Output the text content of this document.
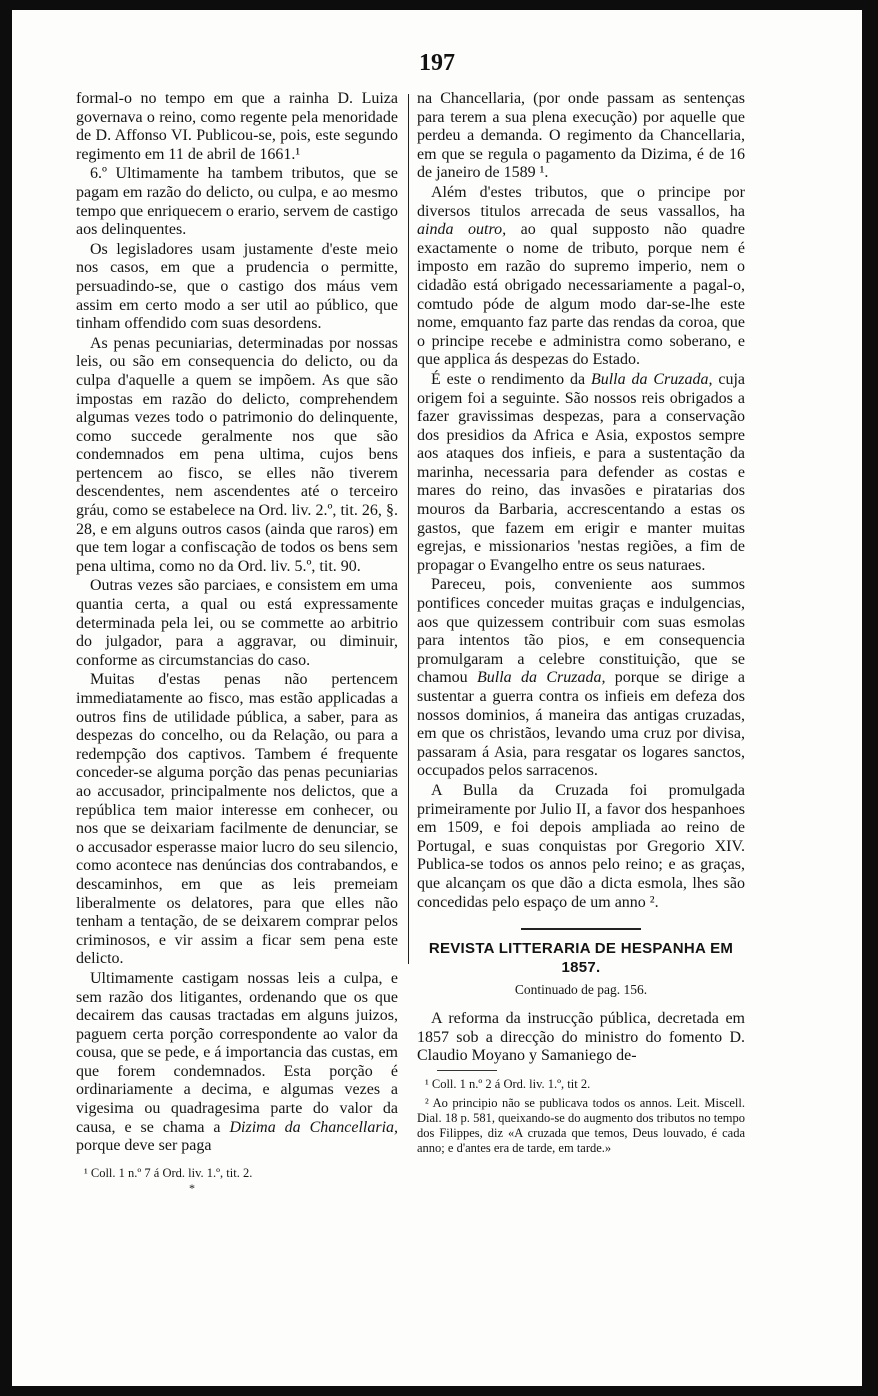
197

formal-o no tempo em que a rainha D. Luiza governava o reino, como regente pela menoridade de D. Affonso VI. Publicou-se, pois, este segundo regimento em 11 de abril de 1661.¹

6.º Ultimamente ha tambem tributos, que se pagam em razão do delicto, ou culpa, e ao mesmo tempo que enriquecem o erario, servem de castigo aos delinquentes.

Os legisladores usam justamente d'este meio nos casos, em que a prudencia o permitte, persuadindo-se, que o castigo dos máus vem assim em certo modo a ser util ao público, que tinham offendido com suas desordens.

As penas pecuniarias, determinadas por nossas leis, ou são em consequencia do delicto, ou da culpa d'aquelle a quem se impõem. As que são impostas em razão do delicto, comprehendem algumas vezes todo o patrimonio do delinquente, como succede geralmente nos que são condemnados em pena ultima, cujos bens pertencem ao fisco, se elles não tiverem descendentes, nem ascendentes até o terceiro gráu, como se estabelece na Ord. liv. 2.º, tit. 26, §. 28, e em alguns outros casos (ainda que raros) em que tem logar a confiscação de todos os bens sem pena ultima, como no da Ord. liv. 5.º, tit. 90.

Outras vezes são parciaes, e consistem em uma quantia certa, a qual ou está expressamente determinada pela lei, ou se commette ao arbitrio do julgador, para a aggravar, ou diminuir, conforme as circumstancias do caso.

Muitas d'estas penas não pertencem immediatamente ao fisco, mas estão applicadas a outros fins de utilidade pública, a saber, para as despezas do concelho, ou da Relação, ou para a redempção dos captivos. Tambem é frequente conceder-se alguma porção das penas pecuniarias ao accusador, principalmente nos delictos, que a república tem maior interesse em conhecer, ou nos que se deixariam facilmente de denunciar, se o accusador esperasse maior lucro do seu silencio, como acontece nas denúncias dos contrabandos, e descaminhos, em que as leis premeiam liberalmente os delatores, para que elles não tenham a tentação, de se deixarem comprar pelos criminosos, e vir assim a ficar sem pena este delicto.

Ultimamente castigam nossas leis a culpa, e sem razão dos litigantes, ordenando que os que decairem das causas tractadas em alguns juizos, paguem certa porção correspondente ao valor da cousa, que se pede, e á importancia das custas, em que forem condemnados. Esta porção é ordinariamente a decima, e algumas vezes a vigesima ou quadragesima parte do valor da causa, e se chama a Dizima da Chancellaria, porque deve ser paga

¹ Coll. 1 n.º 7 á Ord. liv. 1.º, tit. 2.
*

na Chancellaria, (por onde passam as sentenças para terem a sua plena execução) por aquelle que perdeu a demanda. O regimento da Chancellaria, em que se regula o pagamento da Dizima, é de 16 de janeiro de 1589 ¹.

Além d'estes tributos, que o principe por diversos titulos arrecada de seus vassallos, ha ainda outro, ao qual supposto não quadre exactamente o nome de tributo, porque nem é imposto em razão do supremo imperio, nem o cidadão está obrigado necessariamente a pagal-o, comtudo póde de algum modo dar-se-lhe este nome, emquanto faz parte das rendas da coroa, que o principe recebe e administra como soberano, e que applica ás despezas do Estado.

É este o rendimento da Bulla da Cruzada, cuja origem foi a seguinte. São nossos reis obrigados a fazer gravissimas despezas, para a conservação dos presidios da Africa e Asia, expostos sempre aos ataques dos infieis, e para a sustentação da marinha, necessaria para defender as costas e mares do reino, das invasões e piratarias dos mouros da Barbaria, accrescentando a estas os gastos, que fazem em erigir e manter muitas egrejas, e missionarios 'nestas regiões, a fim de propagar o Evangelho entre os seus naturaes.

Pareceu, pois, conveniente aos summos pontifices conceder muitas graças e indulgencias, aos que quizessem contribuir com suas esmolas para intentos tão pios, e em consequencia promulgaram a celebre constituição, que se chamou Bulla da Cruzada, porque se dirige a sustentar a guerra contra os infieis em defeza dos nossos dominios, á maneira das antigas cruzadas, em que os christãos, levando uma cruz por divisa, passaram á Asia, para resgatar os logares sanctos, occupados pelos sarracenos.

A Bulla da Cruzada foi promulgada primeiramente por Julio II, a favor dos hespanhoes em 1509, e foi depois ampliada ao reino de Portugal, e suas conquistas por Gregorio XIV. Publica-se todos os annos pelo reino; e as graças, que alcançam os que dão a dicta esmola, lhes são concedidas pelo espaço de um anno ².

REVISTA LITTERARIA DE HESPANHA EM 1857.
Continuado de pag. 156.

A reforma da instrucção pública, decretada em 1857 sob a direcção do ministro do fomento D. Claudio Moyano y Samaniego de-

¹ Coll. 1 n.º 2 á Ord. liv. 1.º, tit 2.
² Ao principio não se publicava todos os annos. Leit. Miscell. Dial. 18 p. 581, queixando-se do augmento dos tributos no tempo dos Filippes, diz «A cruzada que temos, Deus louvado, é cada anno; e d'antes era de tarde, em tarde.»
